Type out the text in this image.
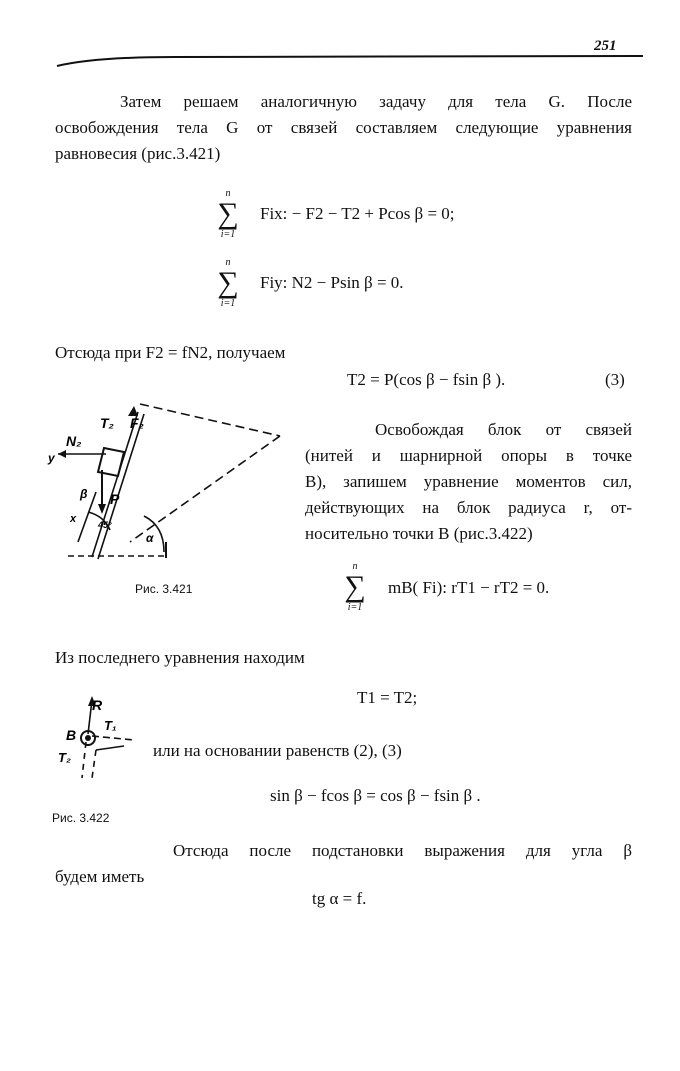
251
Затем решаем аналогичную задачу для тела G. После
освобождения тела G от связей составляем следующие уравнения
равновесия (рис.3.421)
n
∑
i=1
Fix: − F2 − T2 + Pcos β = 0;
n
∑
i=1
Fiy: N2 − Psin β = 0.
Отсюда при F2 = fN2, получаем
T2 = P(cos β − fsin β ).	(3)
T₂ F₂
N₂
y
P
β
x 45°
α
Освобождая блок от связей
(нитей и шарнирной опоры в точке
B), запишем уравнение моментов сил,
действующих на блок радиуса r, от-
носительно точки B (рис.3.422)
Рис. 3.421
n
∑
i=1
mB( Fi): rT1 − rT2 = 0.
Из последнего уравнения находим
T1 = T2;
R
B
T₁
T₂	или на основании равенств (2), (3)
sin β − fcos β = cos β − fsin β .
Рис. 3.422
Отсюда после подстановки выражения для угла β
будем иметь
tg α = f.
